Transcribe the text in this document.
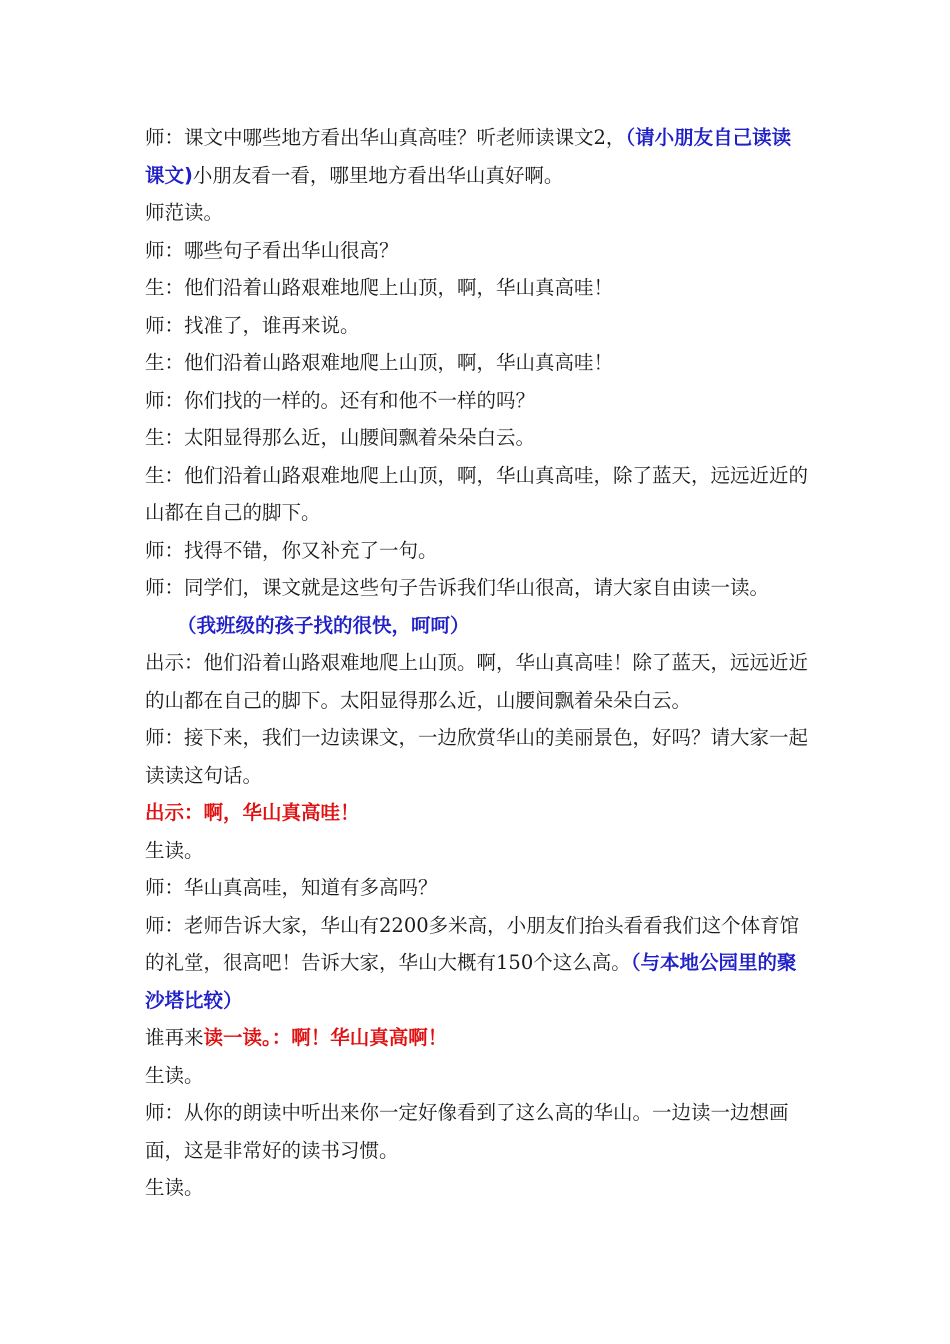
师：课文中哪些地方看出华山真高哇？听老师读课文2，（请小朋友自己读读课文)小朋友看一看，哪里地方看出华山真好啊。

师范读。

师：哪些句子看出华山很高？

生：他们沿着山路艰难地爬上山顶，啊，华山真高哇！

师：找准了，谁再来说。

生：他们沿着山路艰难地爬上山顶，啊，华山真高哇！

师：你们找的一样的。还有和他不一样的吗？

生：太阳显得那么近，山腰间飘着朵朵白云。

生：他们沿着山路艰难地爬上山顶，啊，华山真高哇，除了蓝天，远远近近的山都在自己的脚下。

师：找得不错，你又补充了一句。

师：同学们，课文就是这些句子告诉我们华山很高，请大家自由读一读。

（我班级的孩子找的很快，呵呵）

出示：他们沿着山路艰难地爬上山顶。啊，华山真高哇！除了蓝天，远远近近的山都在自己的脚下。太阳显得那么近，山腰间飘着朵朵白云。

师：接下来，我们一边读课文，一边欣赏华山的美丽景色，好吗？请大家一起读读这句话。

出示：啊，华山真高哇！

生读。

师：华山真高哇，知道有多高吗？

师：老师告诉大家，华山有2200多米高，小朋友们抬头看看我们这个体育馆的礼堂，很高吧！告诉大家，华山大概有150个这么高。（与本地公园里的聚沙塔比较）

谁再来读一读。：啊！华山真高啊！

生读。

师：从你的朗读中听出来你一定好像看到了这么高的华山。一边读一边想画面，这是非常好的读书习惯。

生读。
